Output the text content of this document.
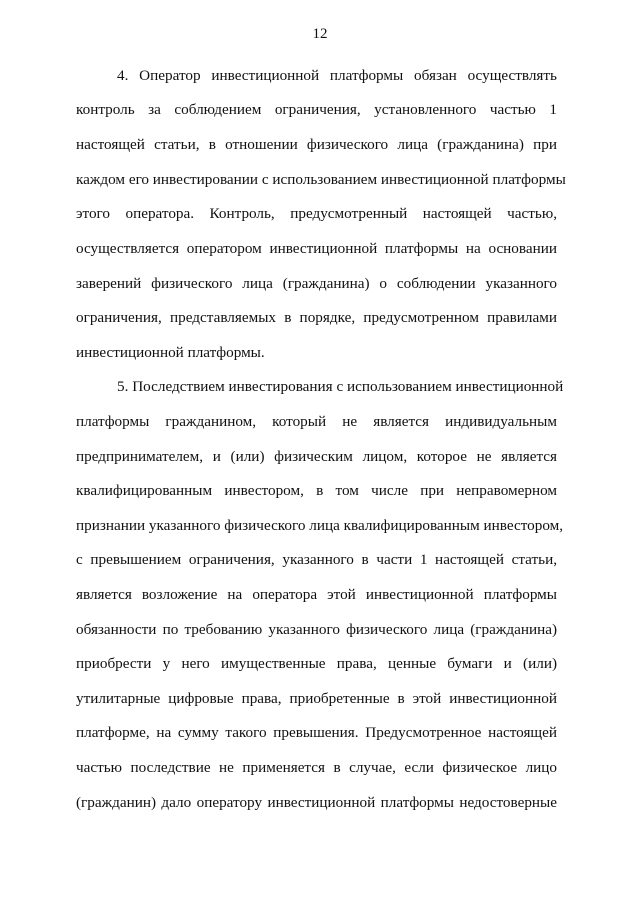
12
4. Оператор инвестиционной платформы обязан осуществлять
контроль за соблюдением ограничения, установленного частью 1
настоящей статьи, в отношении физического лица (гражданина) при
каждом его инвестировании с использованием инвестиционной платформы
этого оператора. Контроль, предусмотренный настоящей частью,
осуществляется оператором инвестиционной платформы на основании
заверений физического лица (гражданина) о соблюдении указанного
ограничения, представляемых в порядке, предусмотренном правилами
инвестиционной платформы.
5. Последствием инвестирования с использованием инвестиционной
платформы гражданином, который не является индивидуальным
предпринимателем, и (или) физическим лицом, которое не является
квалифицированным инвестором, в том числе при неправомерном
признании указанного физического лица квалифицированным инвестором,
с превышением ограничения, указанного в части 1 настоящей статьи,
является возложение на оператора этой инвестиционной платформы
обязанности по требованию указанного физического лица (гражданина)
приобрести у него имущественные права, ценные бумаги и (или)
утилитарные цифровые права, приобретенные в этой инвестиционной
платформе, на сумму такого превышения. Предусмотренное настоящей
частью последствие не применяется в случае, если физическое лицо
(гражданин) дало оператору инвестиционной платформы недостоверные
